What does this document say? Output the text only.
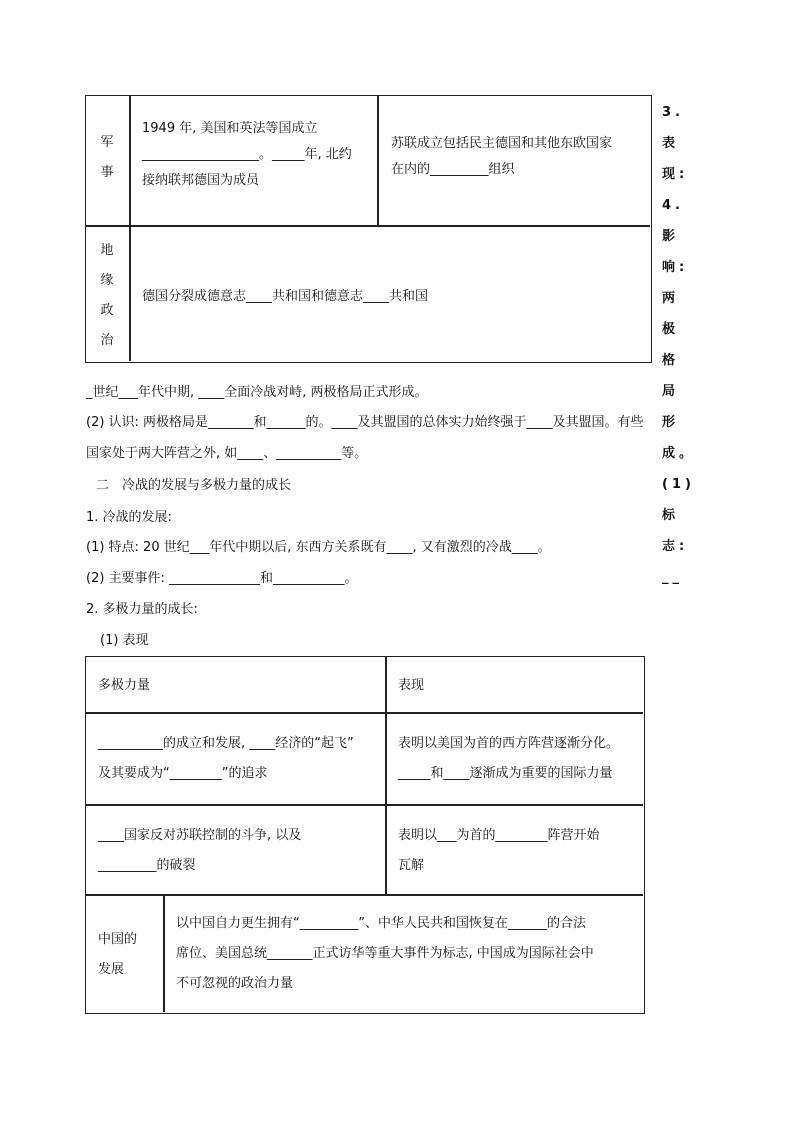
军事
1949 年, 美国和英法等国成立
__________________。_____年, 北约
接纳联邦德国为成员
苏联成立包括民主德国和其他东欧国家
在内的_________组织
地缘政治
德国分裂成德意志____共和国和德意志____共和国
3. 表
现:
4. 影
响: 两
极 格
局 形
成。
(1)标
志: __
_世纪___年代中期, ____全面冷战对峙, 两极格局正式形成。
(2) 认识: 两极格局是_______和______的。____及其盟国的总体实力始终强于____及其盟国。有些
国家处于两大阵营之外, 如____、__________等。
二　冷战的发展与多极力量的成长
1. 冷战的发展:
(1) 特点: 20 世纪___年代中期以后, 东西方关系既有____, 又有激烈的冷战____。
(2) 主要事件: ______________和___________。
2. 多极力量的成长:
(1) 表现
多极力量	表现
__________的成立和发展, ____经济的“起飞”
及其要成为“________”的追求
表明以美国为首的西方阵营逐渐分化。
_____和____逐渐成为重要的国际力量
____国家反对苏联控制的斗争, 以及
_________的破裂
表明以___为首的________阵营开始
瓦解
中国的
发展
以中国自力更生拥有“_________”、中华人民共和国恢复在______的合法
席位、美国总统_______正式访华等重大事件为标志, 中国成为国际社会中
不可忽视的政治力量
